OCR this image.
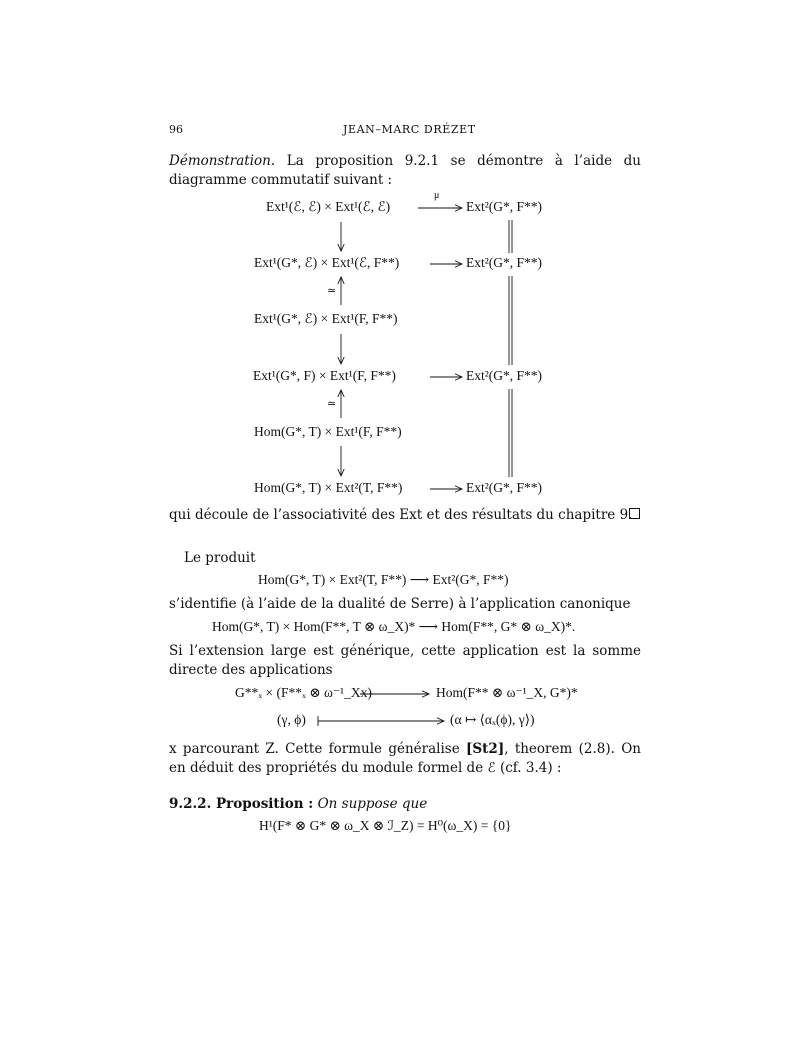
96	JEAN–MARC DRÉZET
Démonstration. La proposition 9.2.1 se démontre à l’aide du diagramme commutatif suivant :
Ext¹(ℰ, ℰ) × Ext¹(ℰ, ℰ)	Ext²(G*, F**)
μ
Ext¹(G*, ℰ) × Ext¹(ℰ, F**)	Ext²(G*, F**)
≃
Ext¹(G*, ℰ) × Ext¹(F, F**)
Ext¹(G*, F) × Ext¹(F, F**)	Ext²(G*, F**)
≃
Hom(G*, T) × Ext¹(F, F**)
Hom(G*, T) × Ext²(T, F**)	Ext²(G*, F**)
qui découle de l’associativité des Ext et des résultats du chapitre 9.
Le produit
Hom(G*, T) × Ext²(T, F**) ⟶ Ext²(G*, F**)
s’identifie (à l’aide de la dualité de Serre) à l’application canonique
Hom(G*, T) × Hom(F**, T ⊗ ω_X)* ⟶ Hom(F**, G* ⊗ ω_X)*.
Si l’extension large est générique, cette application est la somme directe des applications
G**ₓ × (F**ₓ ⊗ ω⁻¹_Xx)	Hom(F** ⊗ ω⁻¹_X, G*)*
(γ, ϕ)	(α ↦ ⟨αₓ(ϕ), γ⟩)
x parcourant Z. Cette formule généralise [St2], theorem (2.8). On en déduit des propriétés du module formel de ℰ (cf. 3.4) :
9.2.2. Proposition : On suppose que
H¹(F* ⊗ G* ⊗ ω_X ⊗ ℐ_Z) = H⁰(ω_X) = {0}
